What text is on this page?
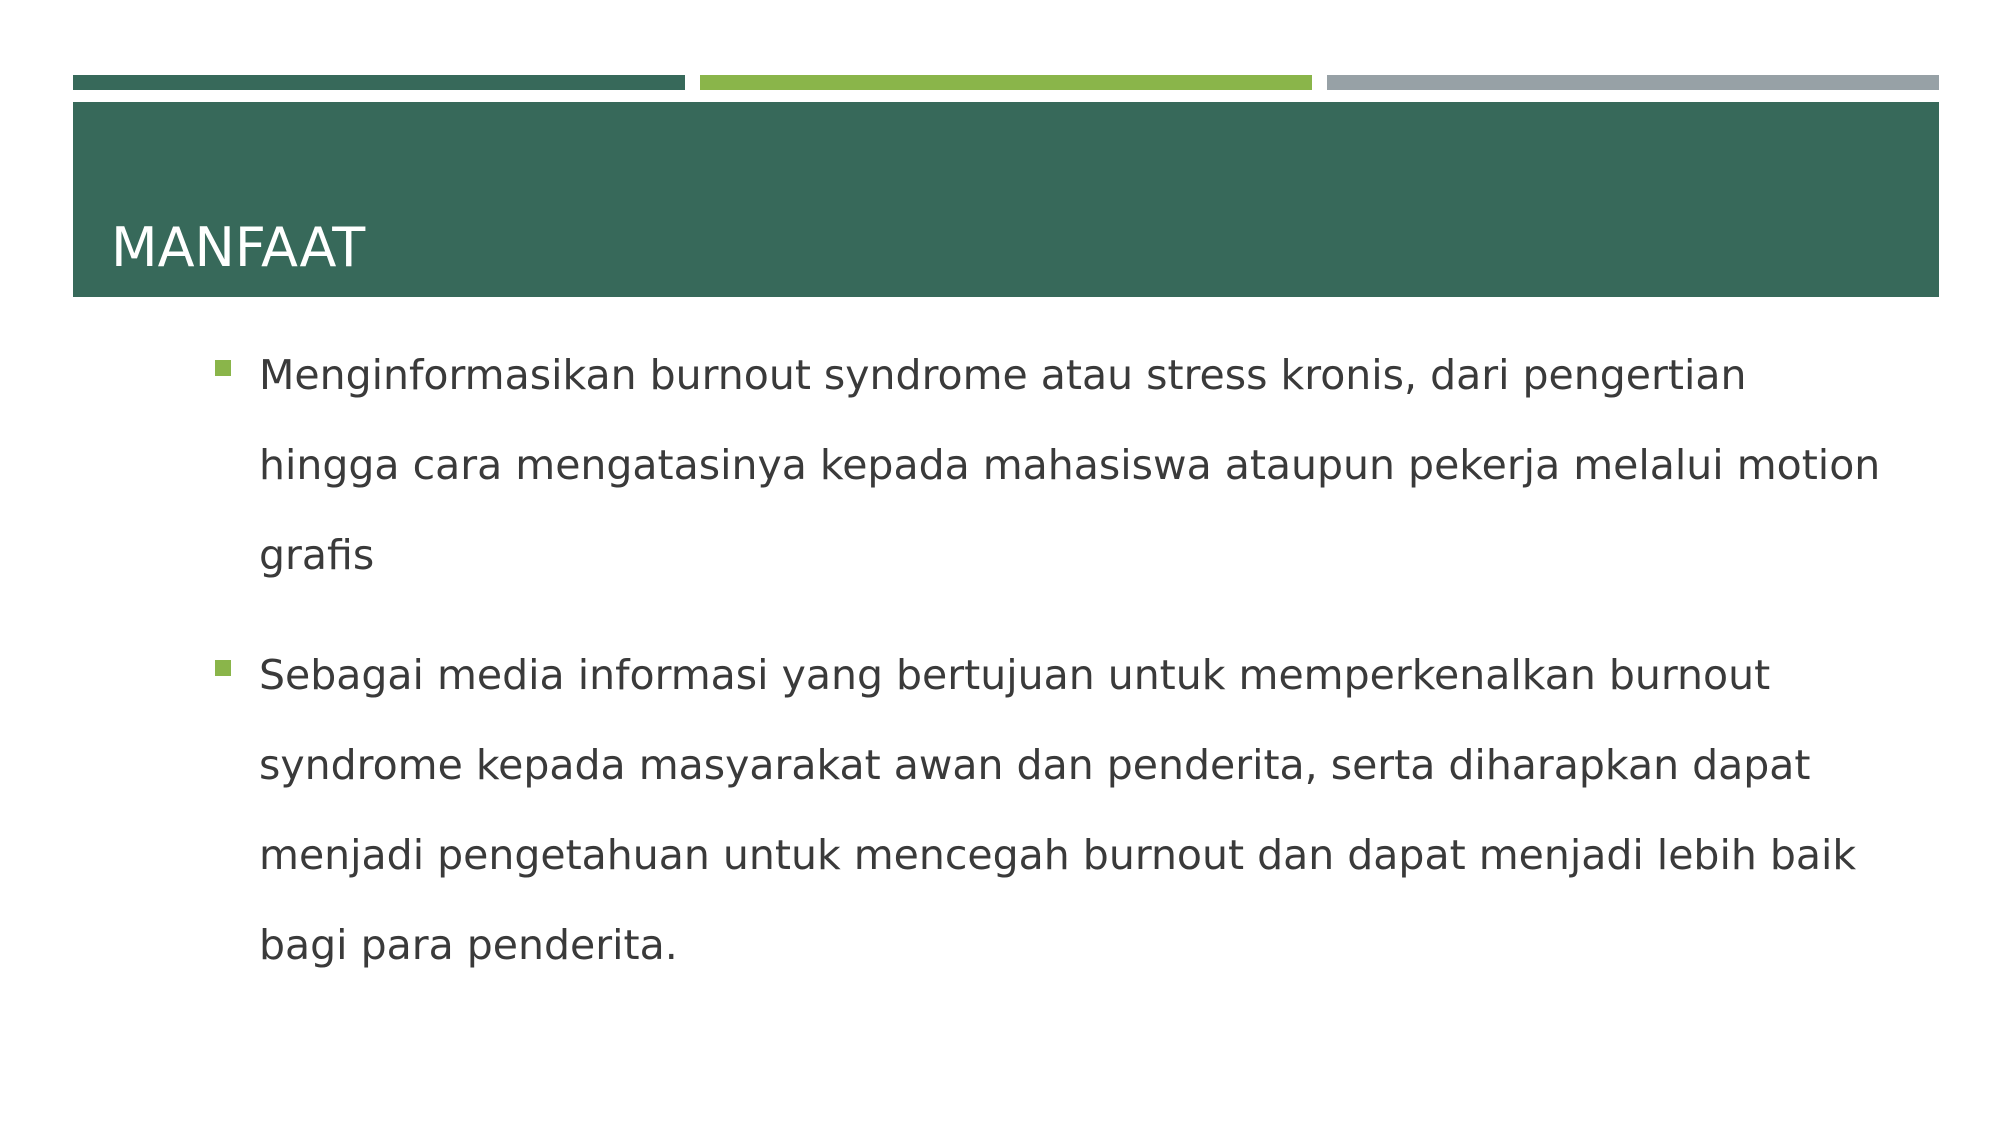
MANFAAT
Menginformasikan burnout syndrome atau stress kronis, dari pengertian hingga cara mengatasinya kepada mahasiswa ataupun pekerja melalui motion grafis
Sebagai media informasi yang bertujuan untuk memperkenalkan burnout syndrome kepada masyarakat awan dan penderita, serta diharapkan dapat menjadi pengetahuan untuk mencegah burnout dan dapat menjadi lebih baik bagi para penderita.
